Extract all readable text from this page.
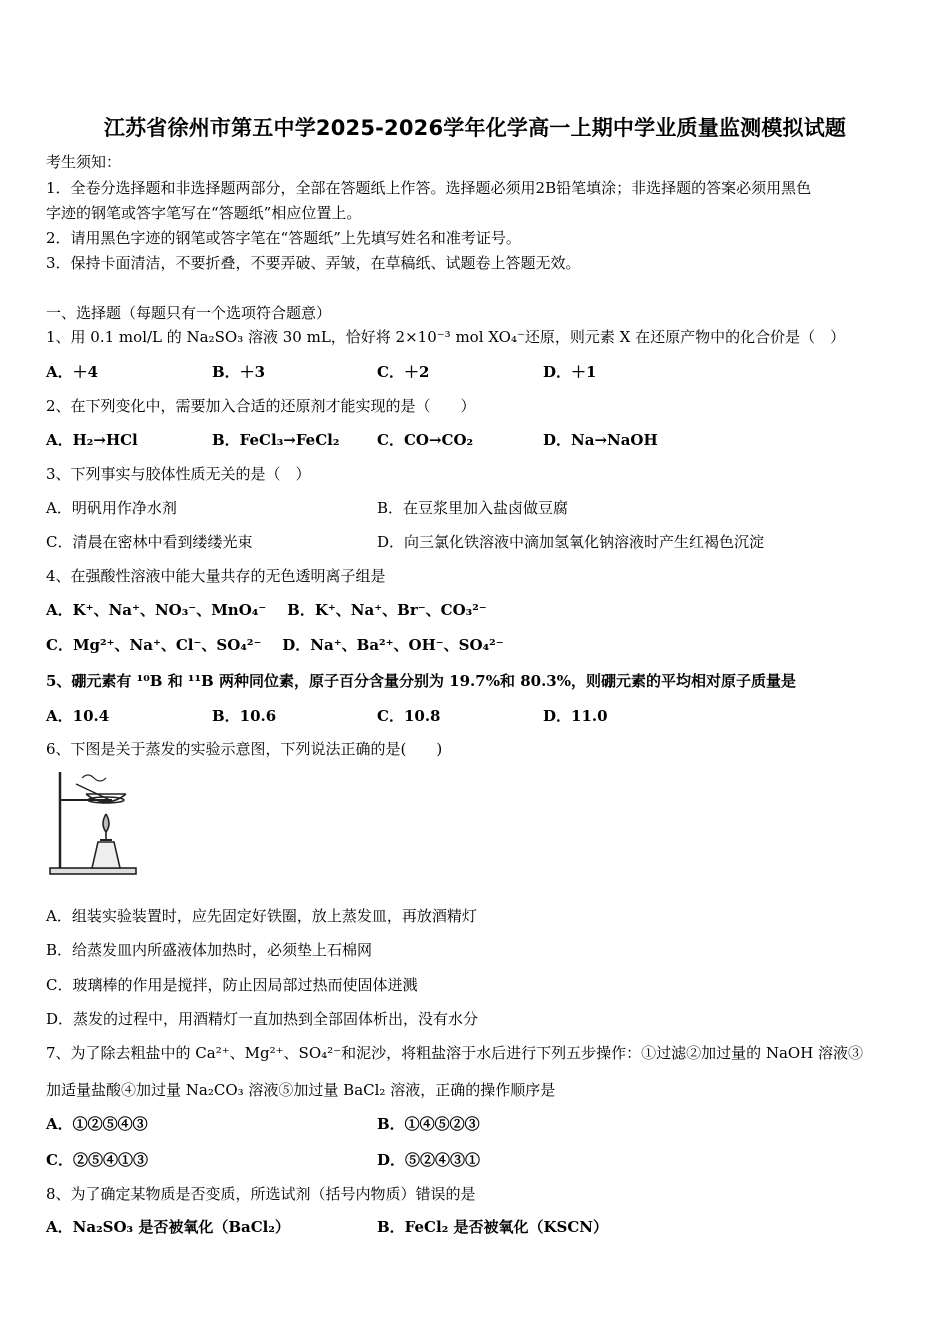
江苏省徐州市第五中学2025-2026学年化学高一上期中学业质量监测模拟试题
考生须知：
1．全卷分选择题和非选择题两部分，全部在答题纸上作答。选择题必须用2B铅笔填涂；非选择题的答案必须用黑色
字迹的钢笔或答字笔写在“答题纸”相应位置上。
2．请用黑色字迹的钢笔或答字笔在“答题纸”上先填写姓名和准考证号。
3．保持卡面清洁，不要折叠，不要弄破、弄皱，在草稿纸、试题卷上答题无效。
一、选择题（每题只有一个选项符合题意）
1、用 0.1 mol/L 的 Na₂SO₃ 溶液 30 mL，恰好将 2×10⁻³ mol XO₄⁻还原，则元素 X 在还原产物中的化合价是（　）
A．＋4	B．＋3	C．＋2	D．＋1
2、在下列变化中，需要加入合适的还原剂才能实现的是（　　）
A．H₂→HCl	B．FeCl₃→FeCl₂	C．CO→CO₂	D．Na→NaOH
3、下列事实与胶体性质无关的是（　）
A．明矾用作净水剂	B．在豆浆里加入盐卤做豆腐
C．清晨在密林中看到缕缕光束	D．向三氯化铁溶液中滴加氢氧化钠溶液时产生红褐色沉淀
4、在强酸性溶液中能大量共存的无色透明离子组是
A．K⁺、Na⁺、NO₃⁻、MnO₄⁻ B．K⁺、Na⁺、Br⁻、CO₃²⁻
C．Mg²⁺、Na⁺、Cl⁻、SO₄²⁻ D．Na⁺、Ba²⁺、OH⁻、SO₄²⁻
5、硼元素有 ¹⁰B 和 ¹¹B 两种同位素，原子百分含量分别为 19.7%和 80.3%，则硼元素的平均相对原子质量是
A．10.4	B．10.6	C．10.8	D．11.0
6、下图是关于蒸发的实验示意图，下列说法正确的是(　　)
A．组装实验装置时，应先固定好铁圈，放上蒸发皿，再放酒精灯
B．给蒸发皿内所盛液体加热时，必须垫上石棉网
C．玻璃棒的作用是搅拌，防止因局部过热而使固体迸溅
D．蒸发的过程中，用酒精灯一直加热到全部固体析出，没有水分
7、为了除去粗盐中的 Ca²⁺、Mg²⁺、SO₄²⁻和泥沙，将粗盐溶于水后进行下列五步操作：①过滤②加过量的 NaOH 溶液③
加适量盐酸④加过量 Na₂CO₃ 溶液⑤加过量 BaCl₂ 溶液，正确的操作顺序是
A．①②⑤④③	B．①④⑤②③
C．②⑤④①③	D．⑤②④③①
8、为了确定某物质是否变质，所选试剂（括号内物质）错误的是
A．Na₂SO₃ 是否被氧化（BaCl₂）	B．FeCl₂ 是否被氧化（KSCN）
